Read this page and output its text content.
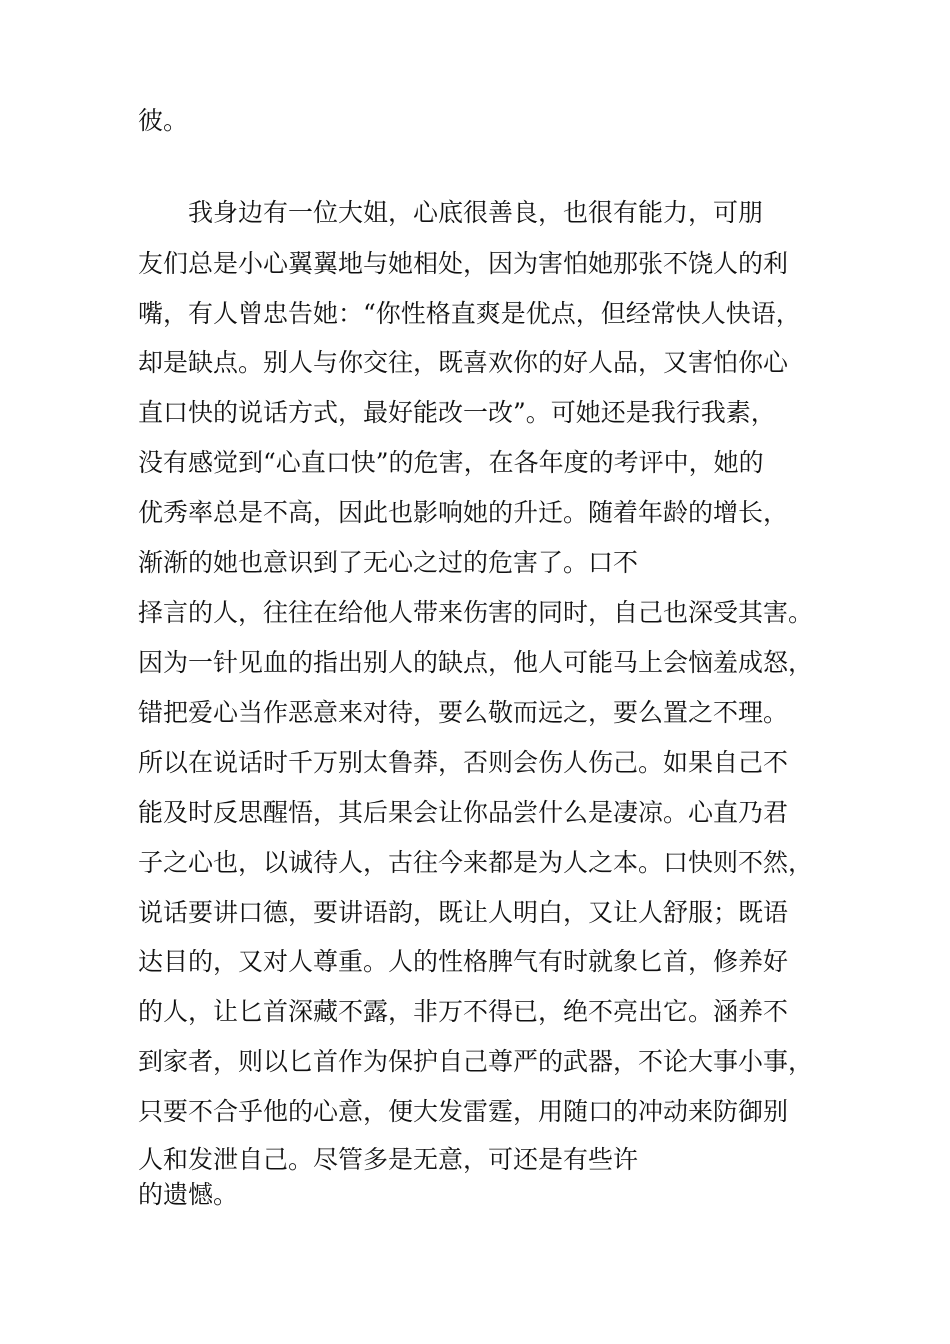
彼。
　　我身边有一位大姐，心底很善良，也很有能力，可朋
友们总是小心翼翼地与她相处，因为害怕她那张不饶人的利
嘴，有人曾忠告她：“你性格直爽是优点，但经常快人快语，
却是缺点。别人与你交往，既喜欢你的好人品，又害怕你心
直口快的说话方式，最好能改一改”。可她还是我行我素，
没有感觉到“心直口快”的危害，在各年度的考评中，她的
优秀率总是不高，因此也影响她的升迁。随着年龄的增长，
渐渐的她也意识到了无心之过的危害了。口不
择言的人，往往在给他人带来伤害的同时，自己也深受其害。
因为一针见血的指出别人的缺点，他人可能马上会恼羞成怒，
错把爱心当作恶意来对待，要么敬而远之，要么置之不理。
所以在说话时千万别太鲁莽，否则会伤人伤己。如果自己不
能及时反思醒悟，其后果会让你品尝什么是凄凉。心直乃君
子之心也，以诚待人，古往今来都是为人之本。口快则不然，
说话要讲口德，要讲语韵，既让人明白，又让人舒服；既语
达目的，又对人尊重。人的性格脾气有时就象匕首，修养好
的人，让匕首深藏不露，非万不得已，绝不亮出它。涵养不
到家者，则以匕首作为保护自己尊严的武器，不论大事小事，
只要不合乎他的心意，便大发雷霆，用随口的冲动来防御别
人和发泄自己。尽管多是无意，可还是有些许
的遗憾。
